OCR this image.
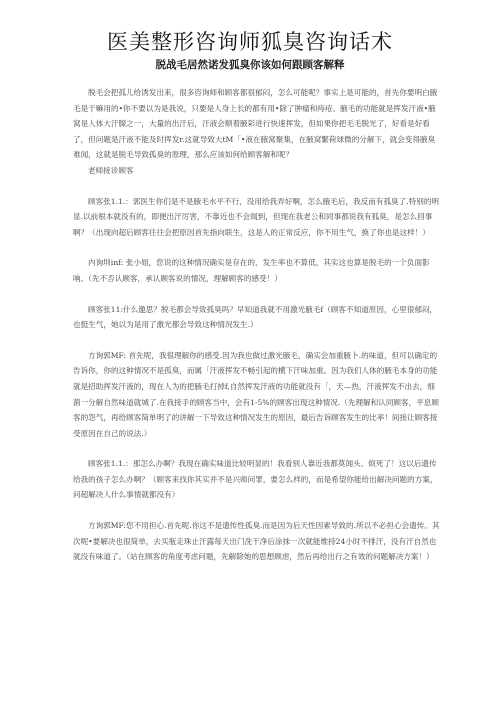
医美整形咨询师狐臭咨询话术
脱战毛居然诺发狐臭你该如何跟顾客解释

脱毛会把孤儿给诱发出来，很多咨询师和顾客都很郁闷，怎么可能呢？事实上是可能的，首先你要明白腋毛是干嘛用的•你不要以为是我说，只要是人身上长的都有用•除了肿瘤和痔疮。腋毛的功能就是挥发汗液•腋窝是人体大汗腺之一，大量的出汗后，汗液会顺着腋彩进行快速挥发，但如果你把毛毛脱光了，好看是好看了，但问题是汗液不能及时挥发r.这就导致大tM「•液在腋窝聚集，在腋窝繁荷球微的分解下，就会变得腋臭难闻，这就是脱毛导致孤臭的原理，那么应该如何给顾客解和呢？

老师接诊顾客

顾客张1.1.：郭医生你们是不是腋毛水平不行，没用给我弄好啊，怎么腋毛后，我反而有孤臭了.特别的明显.以前根本就没有的，即便出汗厉害，不靠近也不会闻到，但现在我老公和同事都说我有狐臭，是怎么回事啊？（出现向超后顾客往往会把原因首先指向联生，这是人的正常反应，你不用生气，换了你也是这样！）

内询圳inf: 张小姐，您说的这种情况确实是存在的，发生率也不算低，其实这也算是脱毛的一个负面影响。（先不否认顾客，承认顾客说的情况，理解顾客的感受！）

顾客张11:什么邀思？脱毛都会导致孤臭吗？早知道我就不用激光腋毛f（顾客不知道原因，心里很郁闷，也挺生气，她以为是用了激光都会导致这种情况发生.）

方询郭MF: 首先呢，我很理解你的感受.因为我也做过激光腋毛，确实会加重腋卜.的味道，但可以确定的告诉你，你的这种情况不是孤臭，而属「汗液挥发不畅引起的横下汗味加重。因为我们人体的腋毛本身的功能就是招助挥发汗液的，现在人为的把腋毛打掉f,自然挥发汗液的功能就没有「，天—热，汗液挥发不出去，细菌一分解自然味道就城了.在我接手的顾客当中，会有1-5%的顾客出现这种情况.（先理解和认同顾客，平息顾客的怨气，再给顾客简单明了的讲解一下导致这种情况发生的原因，最后告诉顾客发生的比率！间接让顾客接受原因在自己的说法.）

顾客张1.1.：那怎么办啊？我现在确实味道比较明显的！我看别人靠近我都莫闻头、烦死了！这以后遗传给我的孩子怎么办啊？（顾客来找你其实并不是兴师问罪，要怎么样的，而是希望你能给出解决问题的方案，问超解决人什么事情就都没有）

方询郭MF:您不用担心.首先呢.你这不是遗传性孤臭.而是因为后天性因素导致的.所以不必担心会遗传。其次呢•要解决也很简单，去买瓶走珠止汗露每天出门洗干净后涂抹一次就能维持24小时不排汗，没有汗自然也就没有味道了。（站在顾客的角度考虑问题，先解除她的思想顾虑，然后再给出行之有效的问题解决方案！）
